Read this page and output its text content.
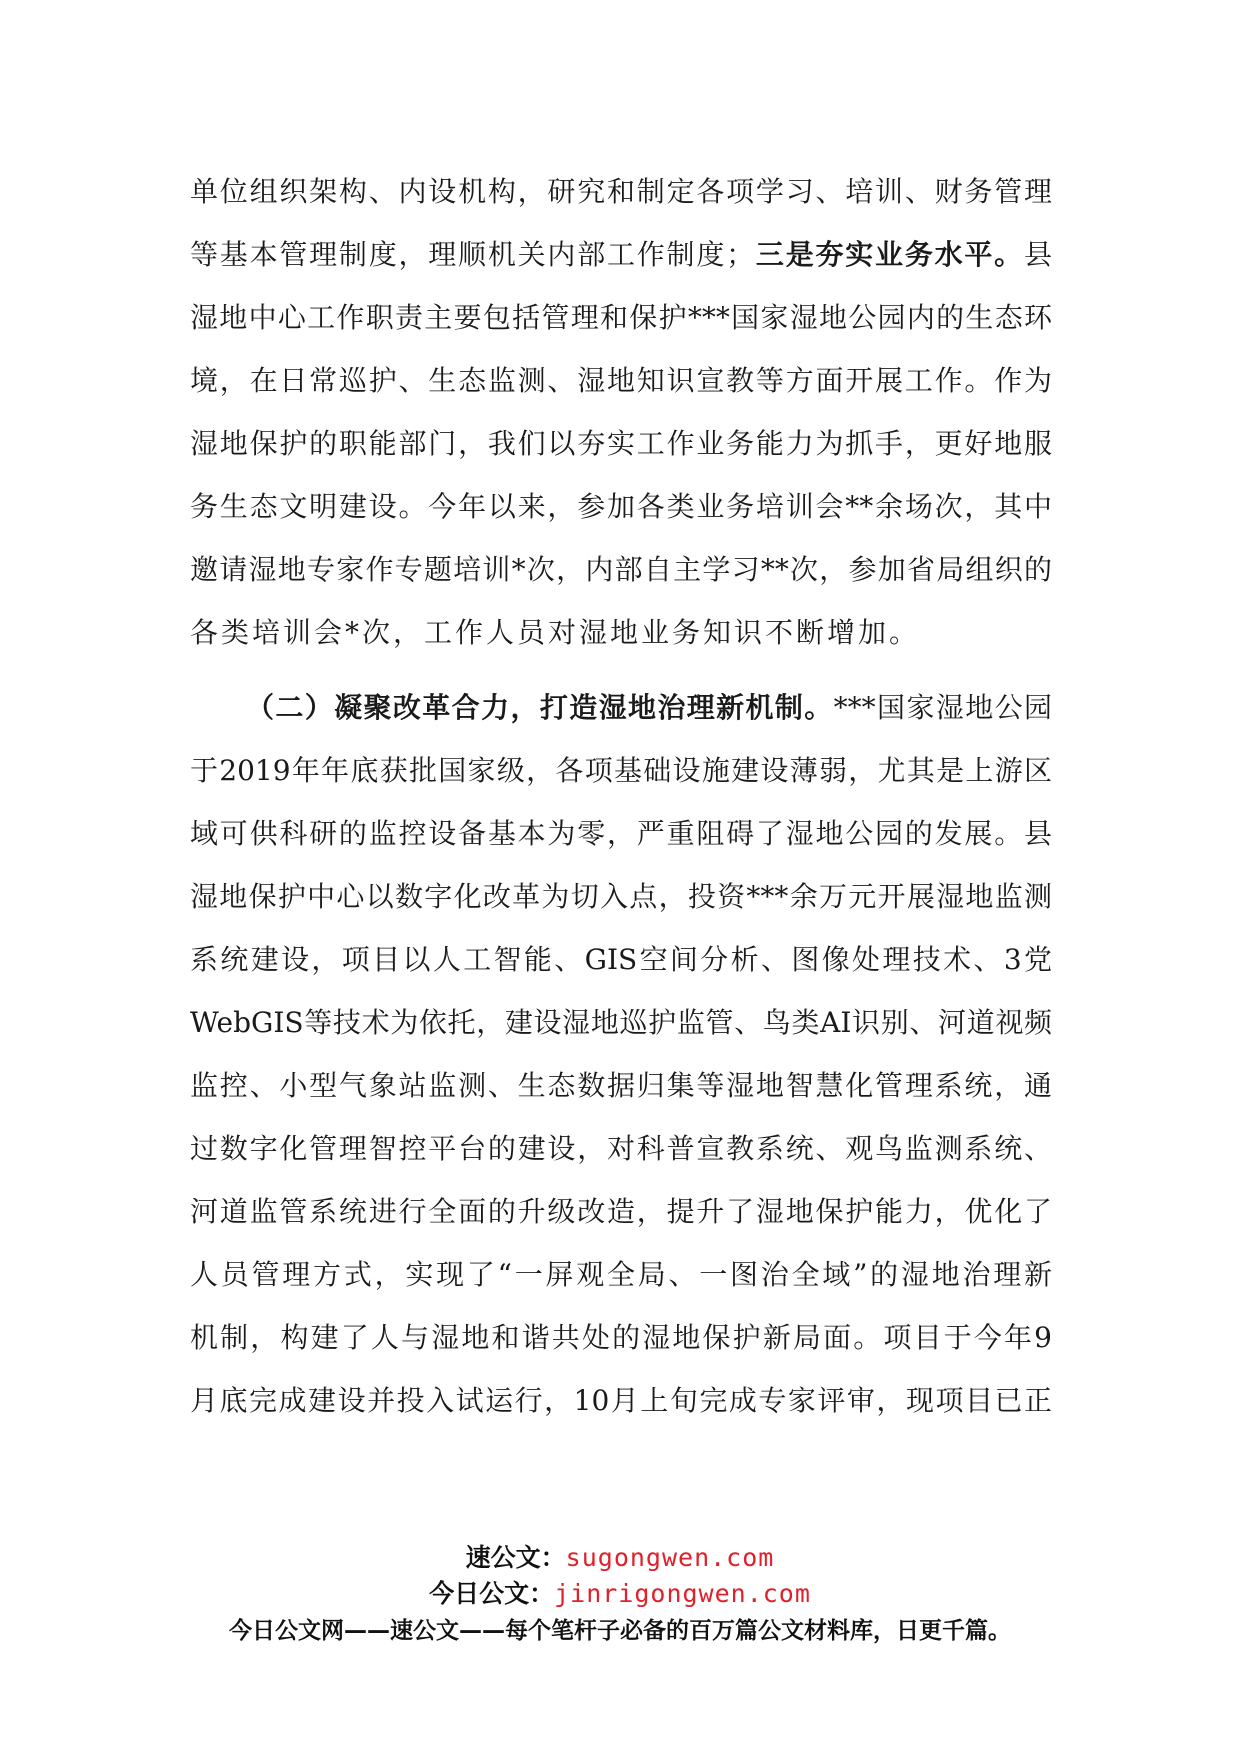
单位组织架构、内设机构，研究和制定各项学习、培训、财务管理
等基本管理制度，理顺机关内部工作制度；三是夯实业务水平。县
湿地中心工作职责主要包括管理和保护***国家湿地公园内的生态环
境，在日常巡护、生态监测、湿地知识宣教等方面开展工作。作为
湿地保护的职能部门，我们以夯实工作业务能力为抓手，更好地服
务生态文明建设。今年以来，参加各类业务培训会**余场次，其中
邀请湿地专家作专题培训*次，内部自主学习**次，参加省局组织的
各类培训会*次，工作人员对湿地业务知识不断增加。
（二）凝聚改革合力，打造湿地治理新机制。***国家湿地公园
于2019年年底获批国家级，各项基础设施建设薄弱，尤其是上游区
域可供科研的监控设备基本为零，严重阻碍了湿地公园的发展。县
湿地保护中心以数字化改革为切入点，投资***余万元开展湿地监测
系统建设，项目以人工智能、GIS空间分析、图像处理技术、3党
WebGIS等技术为依托，建设湿地巡护监管、鸟类AI识别、河道视频
监控、小型气象站监测、生态数据归集等湿地智慧化管理系统，通
过数字化管理智控平台的建设，对科普宣教系统、观鸟监测系统、
河道监管系统进行全面的升级改造，提升了湿地保护能力，优化了
人员管理方式，实现了“一屏观全局、一图治全域”的湿地治理新
机制，构建了人与湿地和谐共处的湿地保护新局面。项目于今年9
月底完成建设并投入试运行，10月上旬完成专家评审，现项目已正
速公文：sugongwen.com
今日公文：jinrigongwen.com
今日公文网——速公文——每个笔杆子必备的百万篇公文材料库，日更千篇。
